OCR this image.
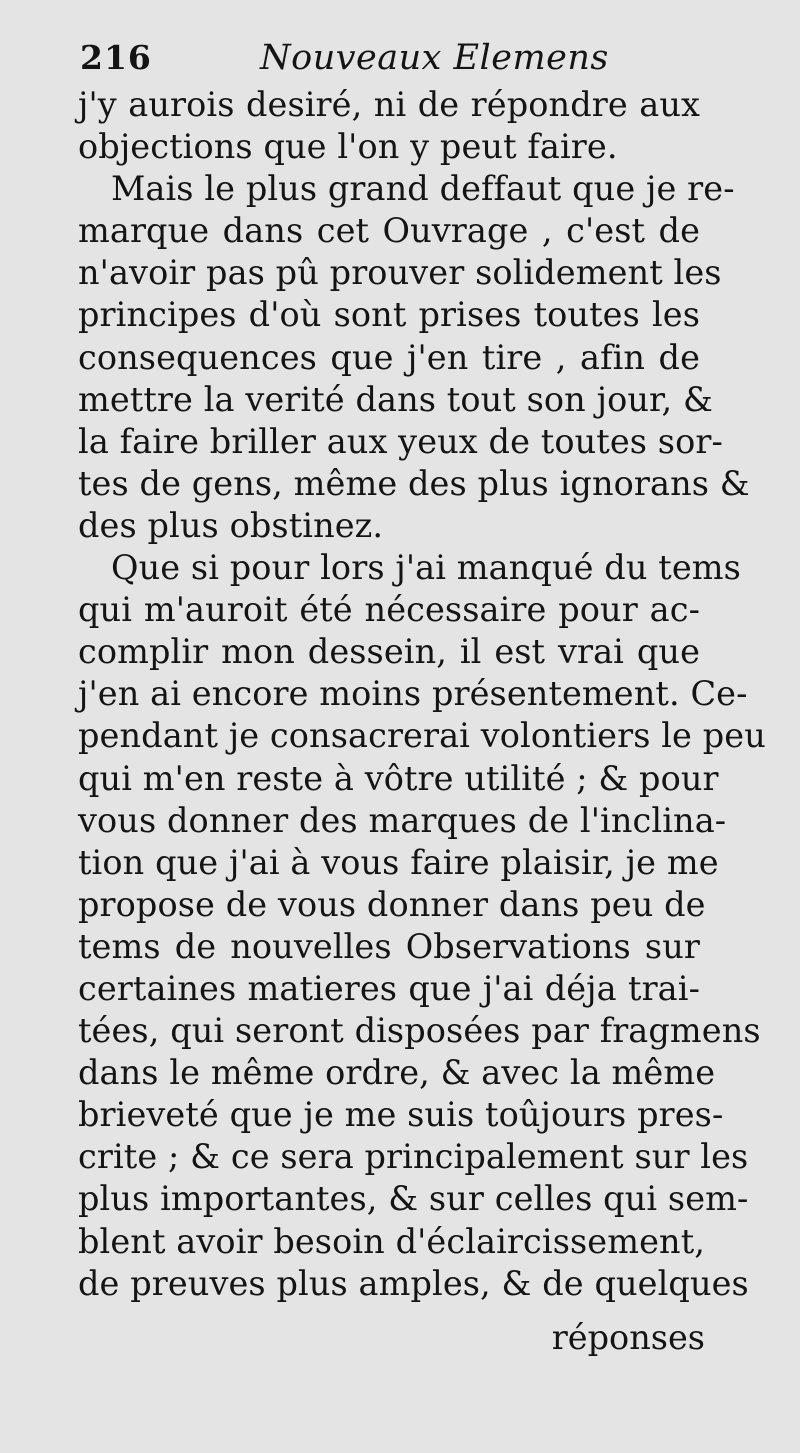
216	Nouveaux Elemens
j'y aurois desiré, ni de répondre aux
objections que l'on y peut faire.
Mais le plus grand deffaut que je re-
marque dans cet Ouvrage , c'est de
n'avoir pas pû prouver solidement les
principes d'où sont prises toutes les
consequences que j'en tire , afin de
mettre la verité dans tout son jour, &
la faire briller aux yeux de toutes sor-
tes de gens, même des plus ignorans &
des plus obstinez.
Que si pour lors j'ai manqué du tems
qui m'auroit été nécessaire pour ac-
complir mon dessein, il est vrai que
j'en ai encore moins présentement. Ce-
pendant je consacrerai volontiers le peu
qui m'en reste à vôtre utilité ; & pour
vous donner des marques de l'inclina-
tion que j'ai à vous faire plaisir, je me
propose de vous donner dans peu de
tems de nouvelles Observations sur
certaines matieres que j'ai déja trai-
tées, qui seront disposées par fragmens
dans le même ordre, & avec la même
brieveté que je me suis toûjours pres-
crite ; & ce sera principalement sur les
plus importantes, & sur celles qui sem-
blent avoir besoin d'éclaircissement,
de preuves plus amples, & de quelques
réponses
